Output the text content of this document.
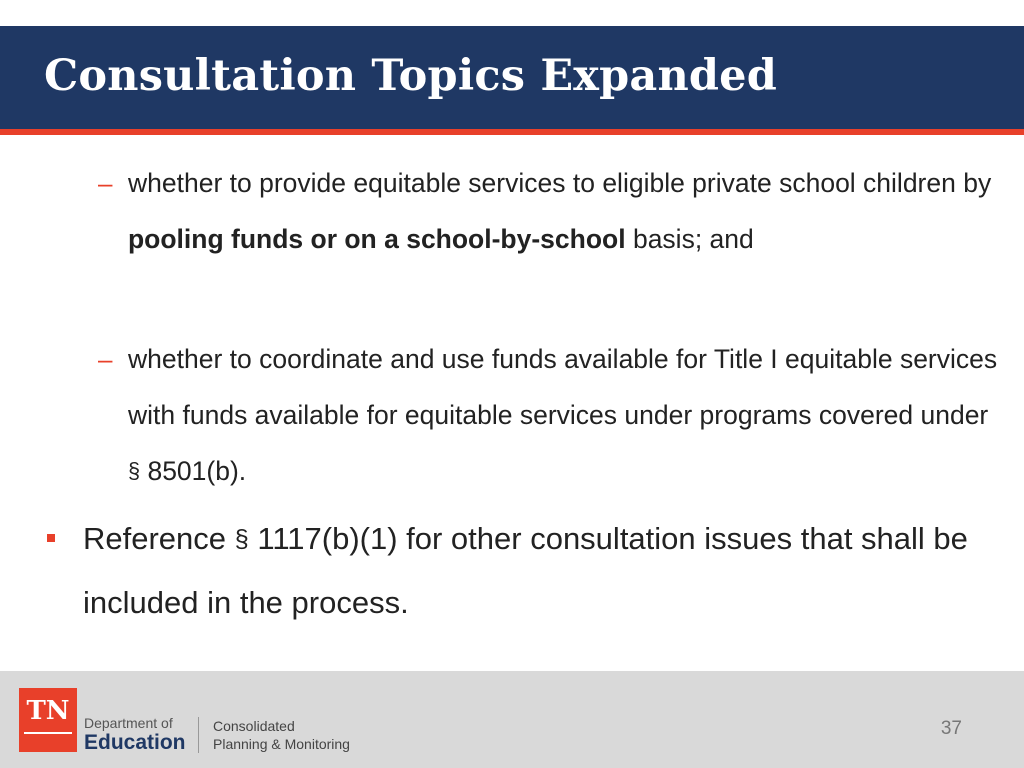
Consultation Topics Expanded
– whether to provide equitable services to eligible private school children by pooling funds or on a school-by-school basis; and
– whether to coordinate and use funds available for Title I equitable services with funds available for equitable services under programs covered under § 8501(b).
Reference § 1117(b)(1) for other consultation issues that shall be included in the process.
TN	Department of
Education
Consolidated
Planning & Monitoring
37
